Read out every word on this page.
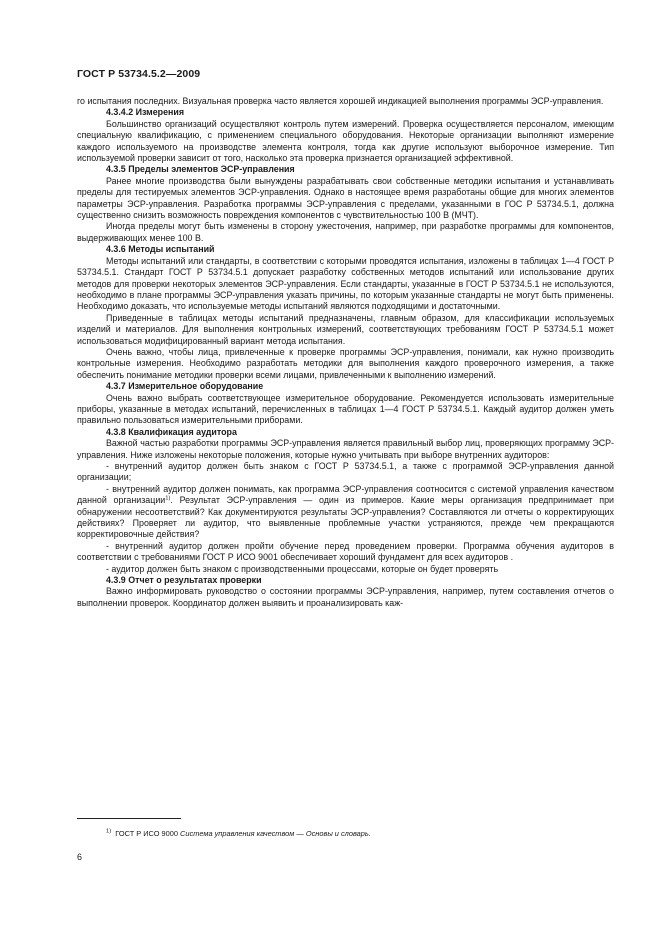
ГОСТ Р 53734.5.2—2009

го испытания последних. Визуальная проверка часто является хорошей индикацией выполнения программы ЭСР-управления.

4.3.4.2 Измерения

Большинство организаций осуществляют контроль путем измерений. Проверка осуществляется персоналом, имеющим специальную квалификацию, с применением специального оборудования. Некоторые организации выполняют измерение каждого используемого на производстве элемента контроля, тогда как другие используют выборочное измерение. Тип используемой проверки зависит от того, насколько эта проверка признается организацией эффективной.

4.3.5 Пределы элементов ЭСР-управления

Ранее многие производства были вынуждены разрабатывать свои собственные методики испытания и устанавливать пределы для тестируемых элементов ЭСР-управления. Однако в настоящее время разработаны общие для многих элементов параметры ЭСР-управления. Разработка программы ЭСР-управления с пределами, указанными в ГОС Р 53734.5.1, должна существенно снизить возможность повреждения компонентов с чувствительностью 100 В (МЧТ).

Иногда пределы могут быть изменены в сторону ужесточения, например, при разработке программы для компонентов, выдерживающих менее 100 В.

4.3.6 Методы испытаний

Методы испытаний или стандарты, в соответствии с которыми проводятся испытания, изложены в таблицах 1—4 ГОСТ Р 53734.5.1. Стандарт ГОСТ Р 53734.5.1 допускает разработку собственных методов испытаний или использование других методов для проверки некоторых элементов ЭСР-управления. Если стандарты, указанные в ГОСТ Р 53734.5.1 не используются, необходимо в плане программы ЭСР-управления указать причины, по которым указанные стандарты не могут быть применены. Необходимо доказать, что используемые методы испытаний являются подходящими и достаточными.

Приведенные в таблицах методы испытаний предназначены, главным образом, для классификации используемых изделий и материалов. Для выполнения контрольных измерений, соответствующих требованиям ГОСТ Р 53734.5.1 может использоваться модифицированный вариант метода испытания.

Очень важно, чтобы лица, привлеченные к проверке программы ЭСР-управления, понимали, как нужно производить контрольные измерения. Необходимо разработать методики для выполнения каждого проверочного измерения, а также обеспечить понимание методики проверки всеми лицами, привлеченными к выполнению измерений.

4.3.7 Измерительное оборудование

Очень важно выбрать соответствующее измерительное оборудование. Рекомендуется использовать измерительные приборы, указанные в методах испытаний, перечисленных в таблицах 1—4 ГОСТ Р 53734.5.1. Каждый аудитор должен уметь правильно пользоваться измерительными приборами.

4.3.8 Квалификация аудитора

Важной частью разработки программы ЭСР-управления является правильный выбор лиц, проверяющих программу ЭСР-управления. Ниже изложены некоторые положения, которые нужно учитывать при выборе внутренних аудиторов:

- внутренний аудитор должен быть знаком с ГОСТ Р 53734.5.1, а также с программой ЭСР-управления данной организации;

- внутренний аудитор должен понимать, как программа ЭСР-управления соотносится с системой управления качеством данной организации$^{1)}$. Результат ЭСР-управления — один из примеров. Какие меры организация предпринимает при обнаружении несоответствий? Как документируются результаты ЭСР-управления? Составляются ли отчеты о корректирующих действиях? Проверяет ли аудитор, что выявленные проблемные участки устраняются, прежде чем прекращаются корректировочные действия?

- внутренний аудитор должен пройти обучение перед проведением проверки. Программа обучения аудиторов в соответствии с требованиями ГОСТ Р ИСО 9001 обеспечивает хороший фундамент для всех аудиторов .

- аудитор должен быть знаком с производственными процессами, которые он будет проверять

4.3.9 Отчет о результатах проверки

Важно информировать руководство о состоянии программы ЭСР-управления, например, путем составления отчетов о выполнении проверок. Координатор должен выявить и проанализировать каж-

$^{1)}$ ГОСТ Р ИСО 9000 Система управления качеством — Основы и словарь.
6
